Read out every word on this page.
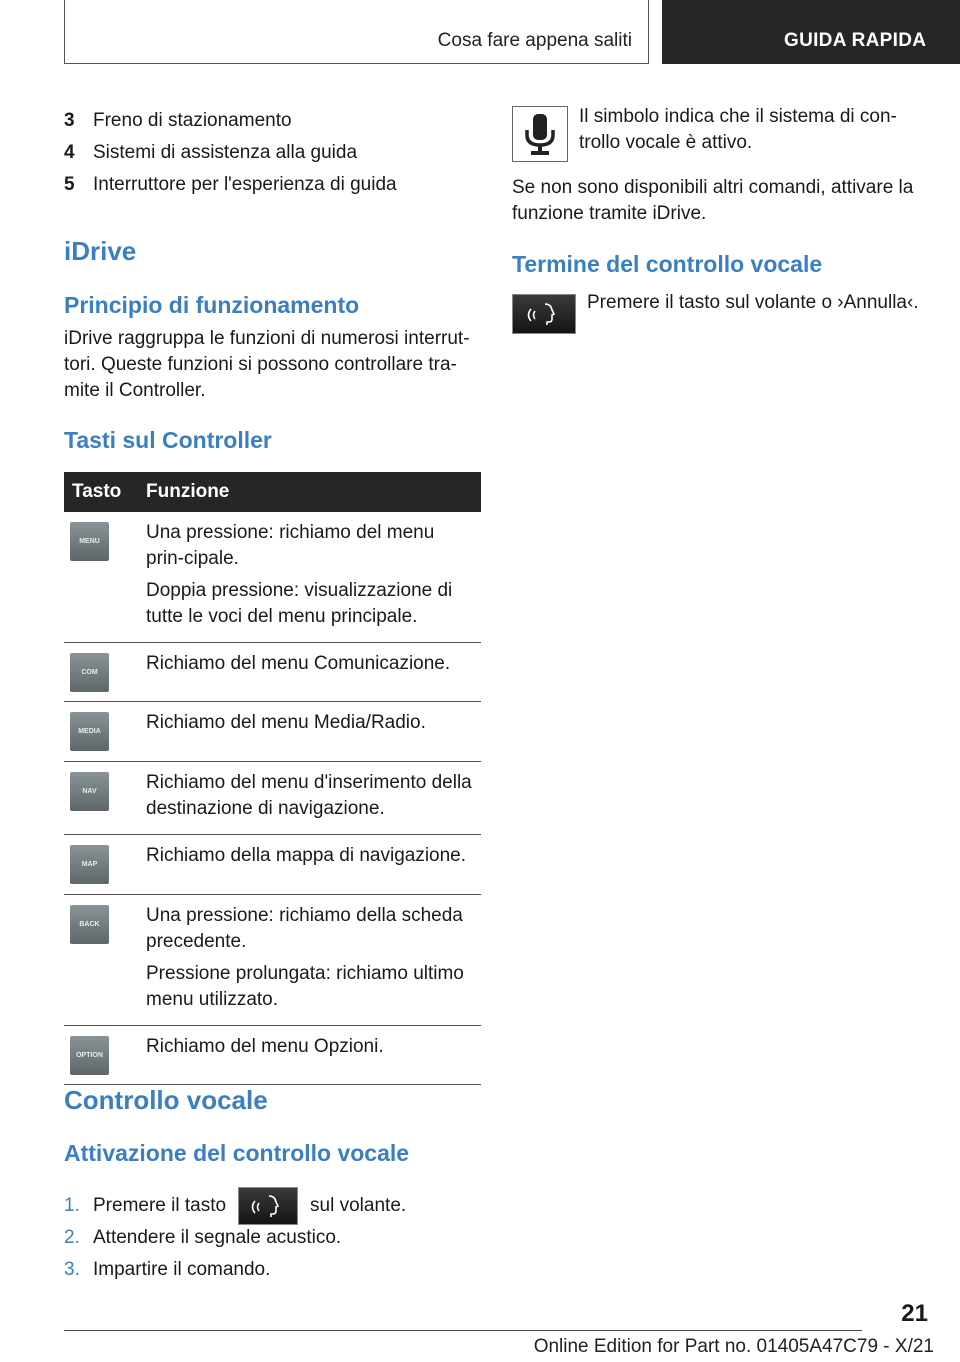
Cosa fare appena saliti	GUIDA RAPIDA
3 Freno di stazionamento
4 Sistemi di assistenza alla guida
5 Interruttore per l'esperienza di guida
iDrive
Principio di funzionamento

iDrive raggruppa le funzioni di numerosi interrut-tori. Queste funzioni si possono controllare tra-mite il Controller.

Tasti sul Controller
Tasto	Funzione

MENU	Una pressione: richiamo del menu prin-cipale.

Doppia pressione: visualizzazione di tutte le voci del menu principale.

COM	Richiamo del menu Comunicazione.

MEDIA	Richiamo del menu Media/Radio.

NAV	Richiamo del menu d'inserimento della destinazione di navigazione.

MAP	Richiamo della mappa di navigazione.

BACK	Una pressione: richiamo della scheda precedente.

Pressione prolungata: richiamo ultimo menu utilizzato.

OPTION	Richiamo del menu Opzioni.

Controllo vocale
Attivazione del controllo vocale
1. Premere il tasto	sul volante.
2. Attendere il segnale acustico.
3. Impartire il comando.

Il simbolo indica che il sistema di con-trollo vocale è attivo.

Se non sono disponibili altri comandi, attivare la funzione tramite iDrive.

Termine del controllo vocale

Premere il tasto sul volante o ›Annulla‹.

21
Online Edition for Part no. 01405A47C79 - X/21
